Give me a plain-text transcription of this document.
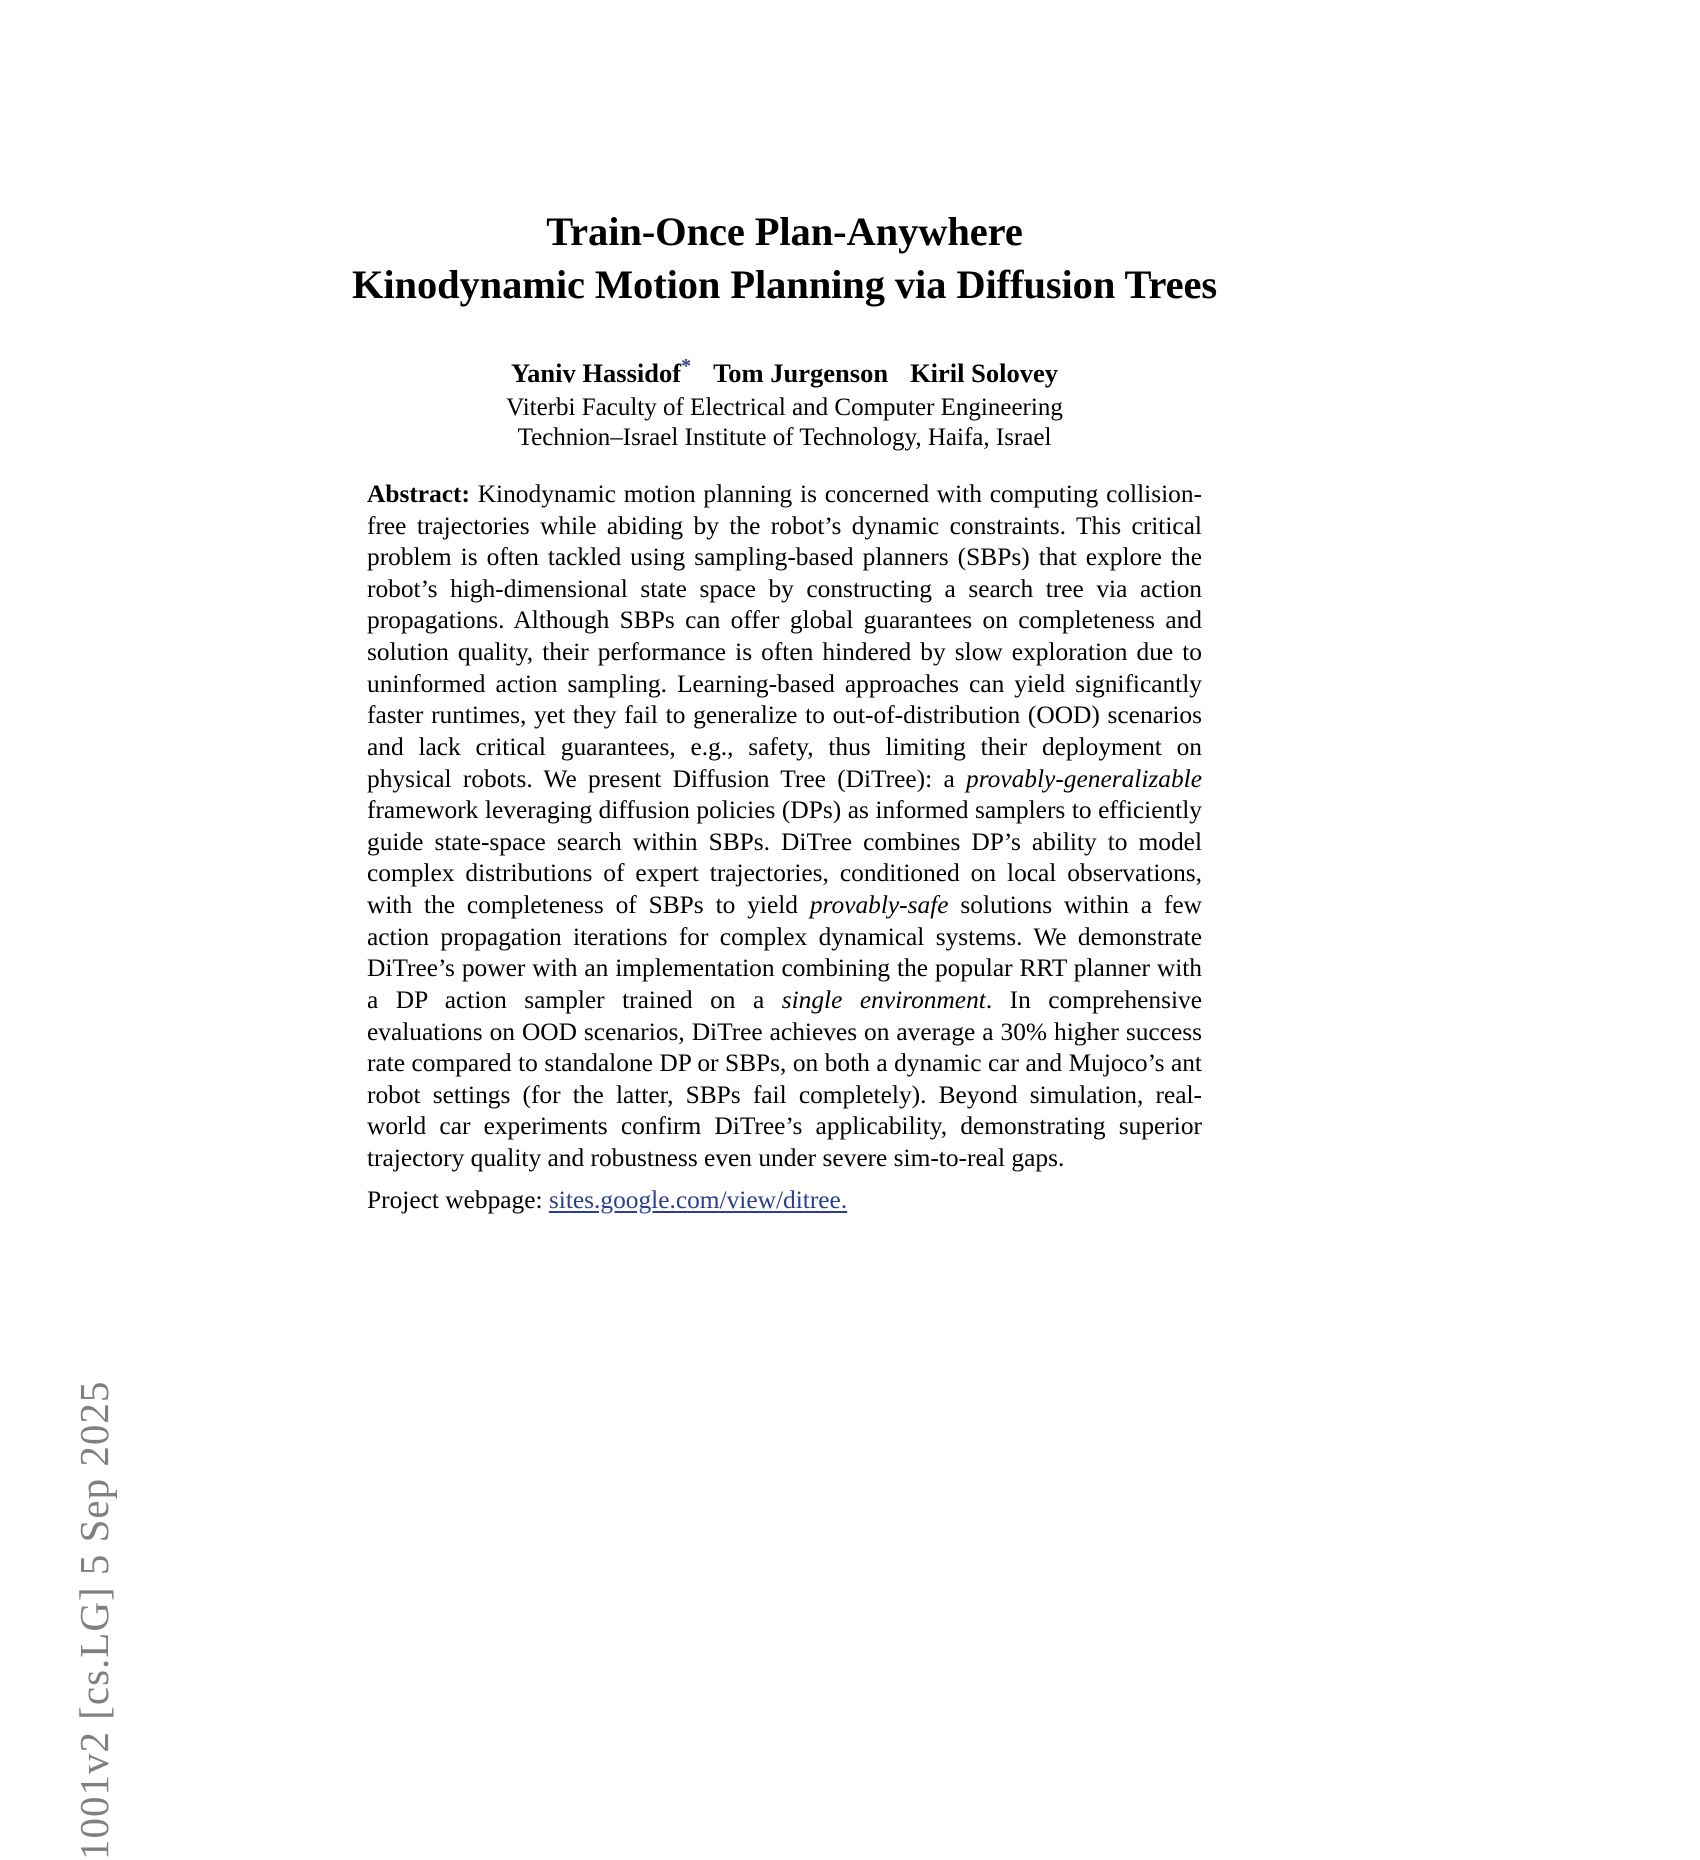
1001v2 [cs.LG] 5 Sep 2025
Train-Once Plan-Anywhere
Kinodynamic Motion Planning via Diffusion Trees
Yaniv Hassidof* Tom Jurgenson Kiril Solovey
Viterbi Faculty of Electrical and Computer Engineering
Technion–Israel Institute of Technology, Haifa, Israel
Abstract: Kinodynamic motion planning is concerned with computing collision-free trajectories while abiding by the robot’s dynamic constraints. This critical problem is often tackled using sampling-based planners (SBPs) that explore the robot’s high-dimensional state space by constructing a search tree via action propagations. Although SBPs can offer global guarantees on completeness and solution quality, their performance is often hindered by slow exploration due to uninformed action sampling. Learning-based approaches can yield significantly faster runtimes, yet they fail to generalize to out-of-distribution (OOD) scenarios and lack critical guarantees, e.g., safety, thus limiting their deployment on physical robots. We present Diffusion Tree (DiTree): a provably-generalizable framework leveraging diffusion policies (DPs) as informed samplers to efficiently guide state-space search within SBPs. DiTree combines DP’s ability to model complex distributions of expert trajectories, conditioned on local observations, with the completeness of SBPs to yield provably-safe solutions within a few action propagation iterations for complex dynamical systems. We demonstrate DiTree’s power with an implementation combining the popular RRT planner with a DP action sampler trained on a single environment. In comprehensive evaluations on OOD scenarios, DiTree achieves on average a 30% higher success rate compared to standalone DP or SBPs, on both a dynamic car and Mujoco’s ant robot settings (for the latter, SBPs fail completely). Beyond simulation, real-world car experiments confirm DiTree’s applicability, demonstrating superior trajectory quality and robustness even under severe sim-to-real gaps.
Project webpage: sites.google.com/view/ditree.
